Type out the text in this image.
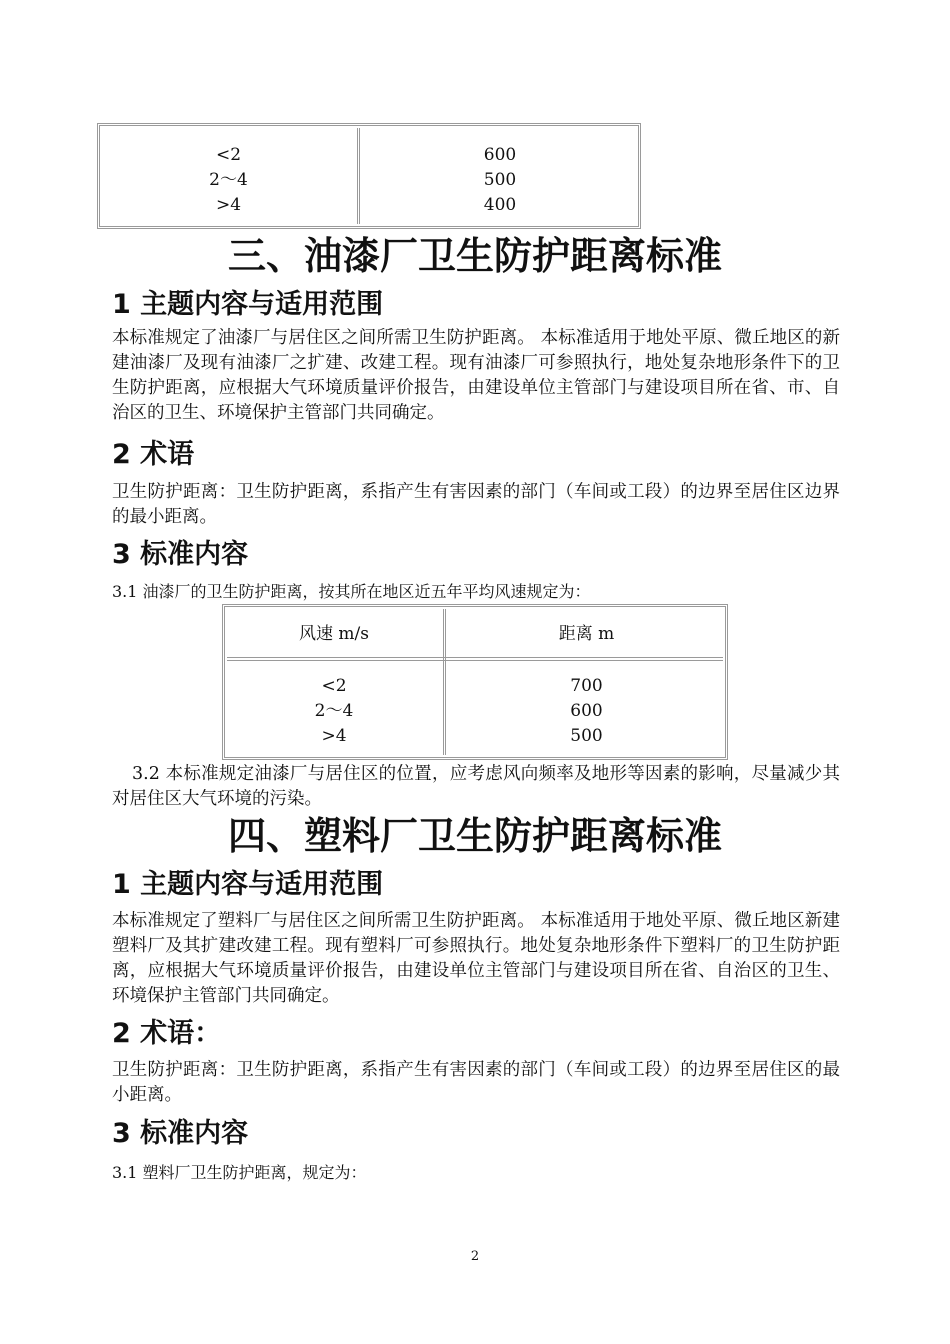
<2
2～4
>4
600
500
400
三、油漆厂卫生防护距离标准
1 主题内容与适用范围

本标准规定了油漆厂与居住区之间所需卫生防护距离。 本标准适用于地处平原、微丘地区的新建油漆厂及现有油漆厂之扩建、改建工程。现有油漆厂可参照执行，地处复杂地形条件下的卫生防护距离，应根据大气环境质量评价报告，由建设单位主管部门与建设项目所在省、市、自治区的卫生、环境保护主管部门共同确定。

2 术语

卫生防护距离：卫生防护距离，系指产生有害因素的部门（车间或工段）的边界至居住区边界的最小距离。

3 标准内容

3.1 油漆厂的卫生防护距离，按其所在地区近五年平均风速规定为：

风速 m/s	距离 m
<2
2～4
>4
700
600
500

3.2 本标准规定油漆厂与居住区的位置，应考虑风向频率及地形等因素的影响，尽量减少其对居住区大气环境的污染。

四、塑料厂卫生防护距离标准
1 主题内容与适用范围

本标准规定了塑料厂与居住区之间所需卫生防护距离。 本标准适用于地处平原、微丘地区新建塑料厂及其扩建改建工程。现有塑料厂可参照执行。地处复杂地形条件下塑料厂的卫生防护距离，应根据大气环境质量评价报告，由建设单位主管部门与建设项目所在省、自治区的卫生、环境保护主管部门共同确定。

2 术语：

卫生防护距离：卫生防护距离，系指产生有害因素的部门（车间或工段）的边界至居住区的最小距离。

3 标准内容

3.1 塑料厂卫生防护距离，规定为：

2
